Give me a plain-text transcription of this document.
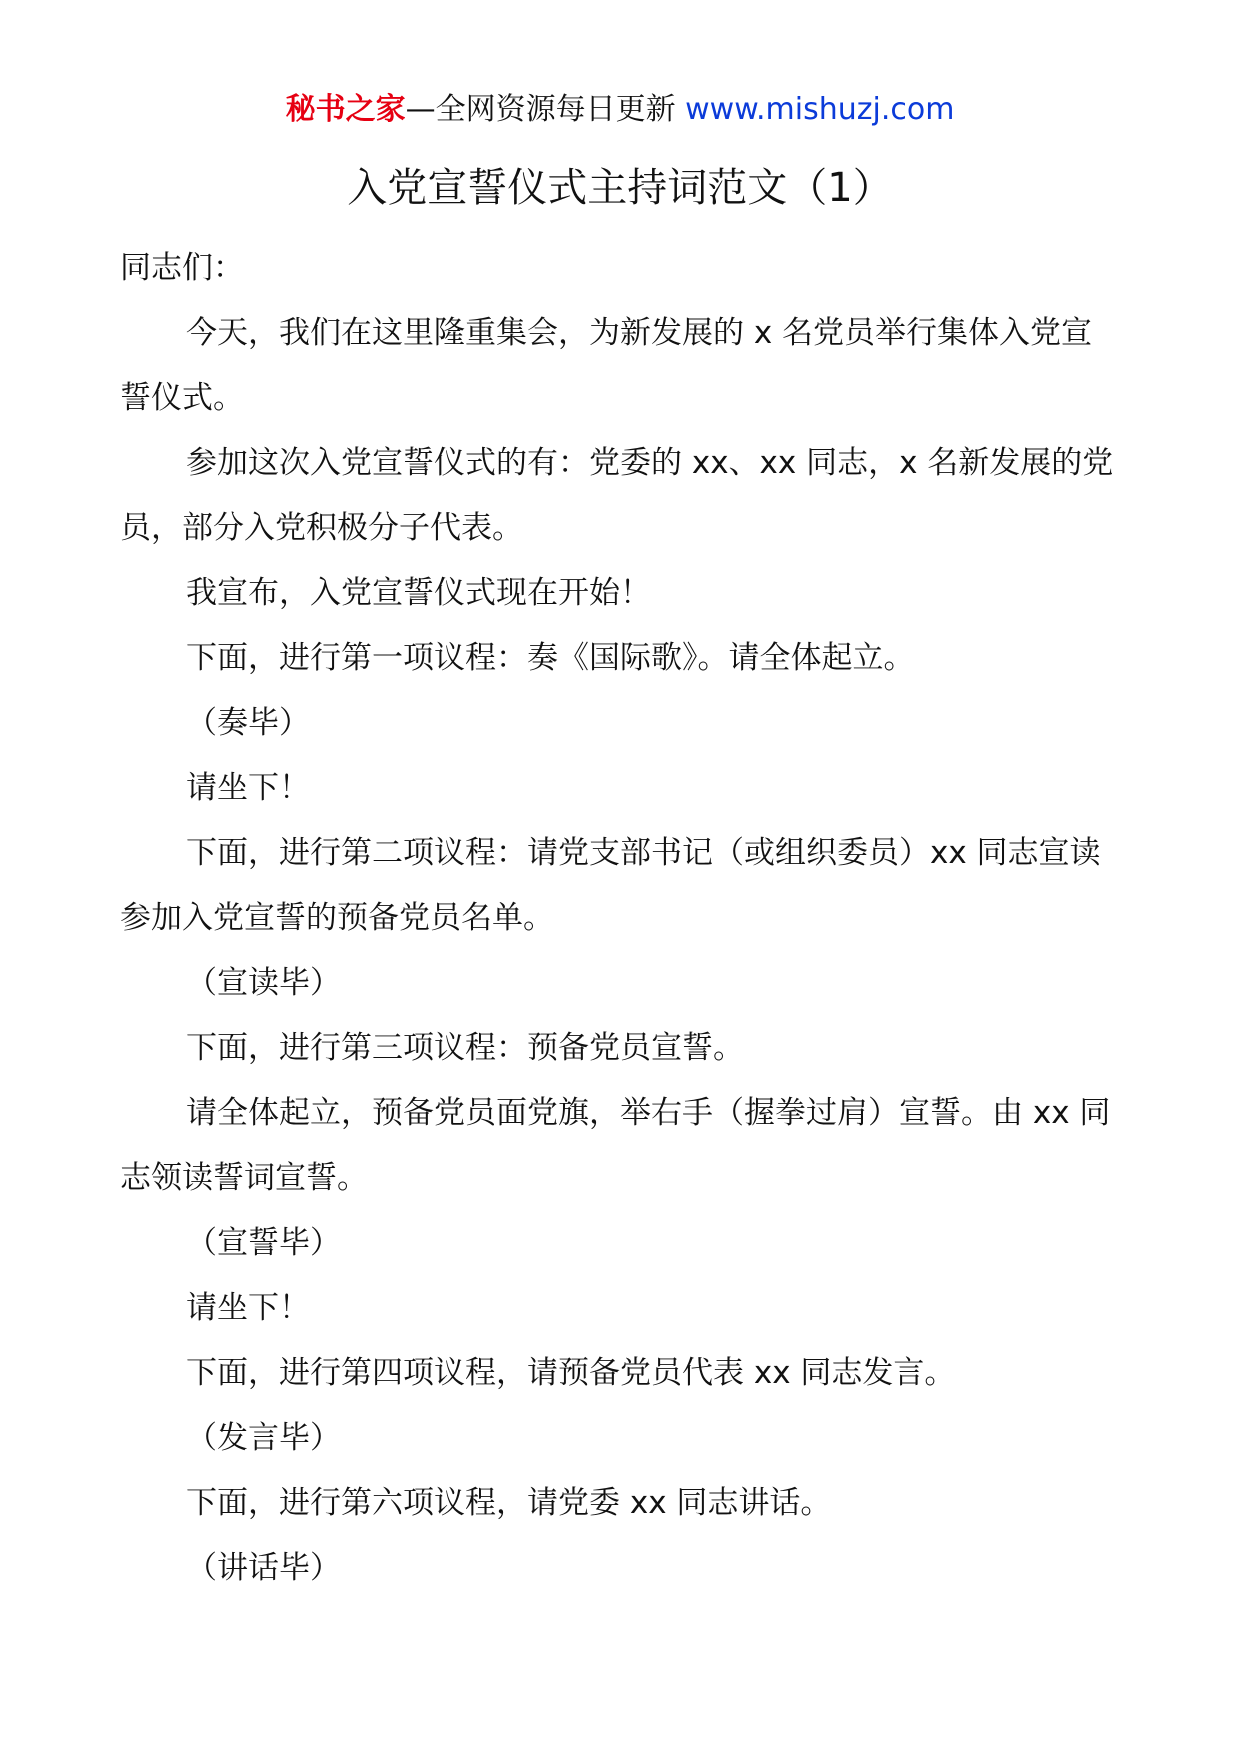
秘书之家—全网资源每日更新 www.mishuzj.com
入党宣誓仪式主持词范文（1）

同志们：

今天，我们在这里隆重集会，为新发展的 x 名党员举行集体入党宣誓仪式。

参加这次入党宣誓仪式的有：党委的 xx、xx 同志，x 名新发展的党员，部分入党积极分子代表。

我宣布，入党宣誓仪式现在开始！

下面，进行第一项议程：奏《国际歌》。请全体起立。

（奏毕）

请坐下！

下面，进行第二项议程：请党支部书记（或组织委员）xx 同志宣读参加入党宣誓的预备党员名单。

（宣读毕）

下面，进行第三项议程：预备党员宣誓。

请全体起立，预备党员面党旗，举右手（握拳过肩）宣誓。由 xx 同志领读誓词宣誓。

（宣誓毕）

请坐下！

下面，进行第四项议程，请预备党员代表 xx 同志发言。

（发言毕）

下面，进行第六项议程，请党委 xx 同志讲话。

（讲话毕）
